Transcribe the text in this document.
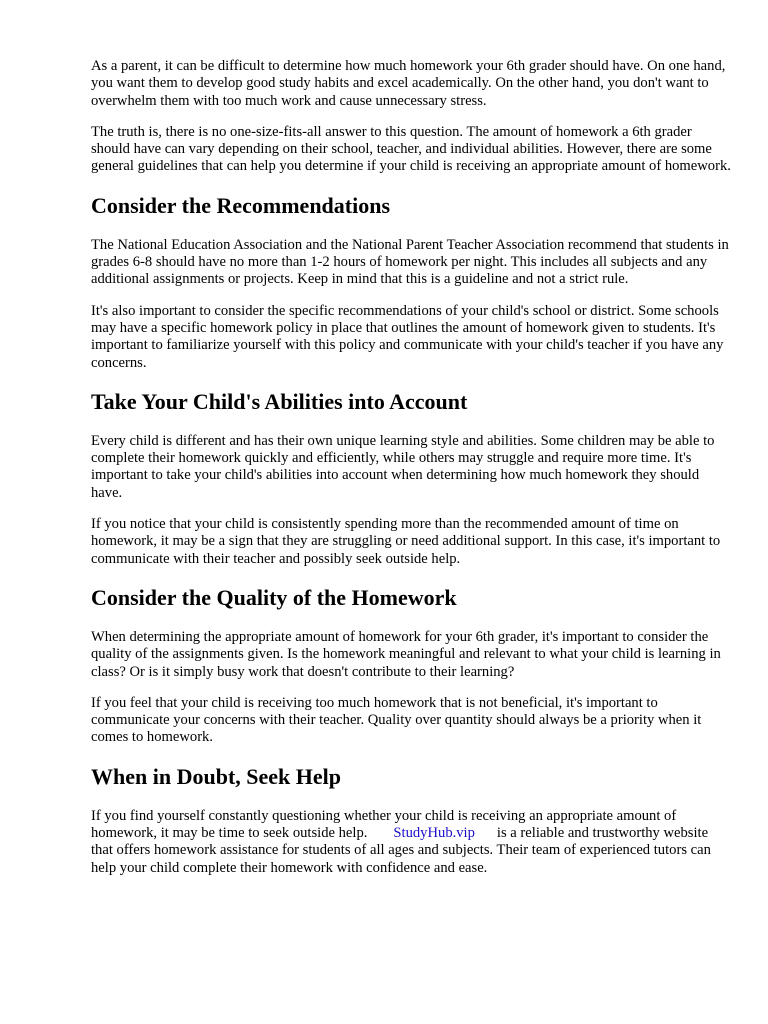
As a parent, it can be difficult to determine how much homework your 6th grader should have. On one hand, you want them to develop good study habits and excel academically. On the other hand, you don't want to overwhelm them with too much work and cause unnecessary stress.

The truth is, there is no one-size-fits-all answer to this question. The amount of homework a 6th grader should have can vary depending on their school, teacher, and individual abilities. However, there are some general guidelines that can help you determine if your child is receiving an appropriate amount of homework.

Consider the Recommendations

The National Education Association and the National Parent Teacher Association recommend that students in grades 6-8 should have no more than 1-2 hours of homework per night. This includes all subjects and any additional assignments or projects. Keep in mind that this is a guideline and not a strict rule.

It's also important to consider the specific recommendations of your child's school or district. Some schools may have a specific homework policy in place that outlines the amount of homework given to students. It's important to familiarize yourself with this policy and communicate with your child's teacher if you have any concerns.

Take Your Child's Abilities into Account

Every child is different and has their own unique learning style and abilities. Some children may be able to complete their homework quickly and efficiently, while others may struggle and require more time. It's important to take your child's abilities into account when determining how much homework they should have.

If you notice that your child is consistently spending more than the recommended amount of time on homework, it may be a sign that they are struggling or need additional support. In this case, it's important to communicate with their teacher and possibly seek outside help.

Consider the Quality of the Homework

When determining the appropriate amount of homework for your 6th grader, it's important to consider the quality of the assignments given. Is the homework meaningful and relevant to what your child is learning in class? Or is it simply busy work that doesn't contribute to their learning?

If you feel that your child is receiving too much homework that is not beneficial, it's important to communicate your concerns with their teacher. Quality over quantity should always be a priority when it comes to homework.

When in Doubt, Seek Help

If you find yourself constantly questioning whether your child is receiving an appropriate amount of homework, it may be time to seek outside help. StudyHub.vip is a reliable and trustworthy website that offers homework assistance for students of all ages and subjects. Their team of experienced tutors can help your child complete their homework with confidence and ease.
